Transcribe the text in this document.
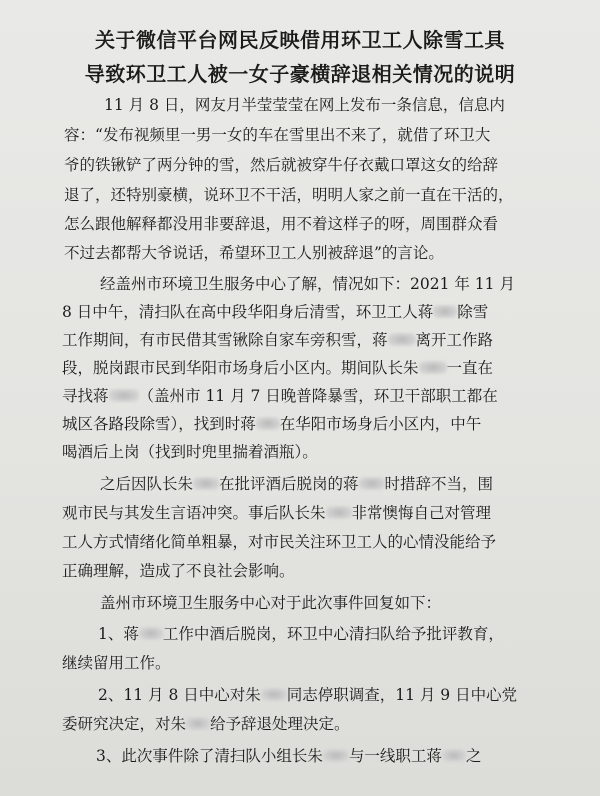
关于微信平台网民反映借用环卫工人除雪工具
导致环卫工人被一女子豪横辞退相关情况的说明
11 月 8 日，网友月半莹莹莹在网上发布一条信息，信息内
容：“发布视频里一男一女的车在雪里出不来了，就借了环卫大
爷的铁锹铲了两分钟的雪，然后就被穿牛仔衣戴口罩这女的给辞
退了，还特别豪横，说环卫不干活，明明人家之前一直在干活的，
怎么跟他解释都没用非要辞退，用不着这样子的呀，周围群众看
不过去都帮大爷说话，希望环卫工人别被辞退”的言论。
经盖州市环境卫生服务中心了解，情况如下：2021 年 11 月
8 日中午，清扫队在高中段华阳身后清雪，环卫工人蒋 除雪
工作期间，有市民借其雪锹除自家车旁积雪，蒋 离开工作路
段，脱岗跟市民到华阳市场身后小区内。期间队长朱 一直在
寻找蒋 （盖州市 11 月 7 日晚普降暴雪，环卫干部职工都在
城区各路段除雪），找到时蒋 在华阳市场身后小区内，中午
喝酒后上岗（找到时兜里揣着酒瓶）。
之后因队长朱 在批评酒后脱岗的蒋 时措辞不当，围
观市民与其发生言语冲突。事后队长朱 非常懊悔自己对管理
工人方式情绪化简单粗暴，对市民关注环卫工人的心情没能给予
正确理解，造成了不良社会影响。
盖州市环境卫生服务中心对于此次事件回复如下：
1、蒋 工作中酒后脱岗，环卫中心清扫队给予批评教育，
继续留用工作。
2、11 月 8 日中心对朱 同志停职调查，11 月 9 日中心党
委研究决定，对朱 给予辞退处理决定。
3、此次事件除了清扫队小组长朱 与一线职工蒋 之
